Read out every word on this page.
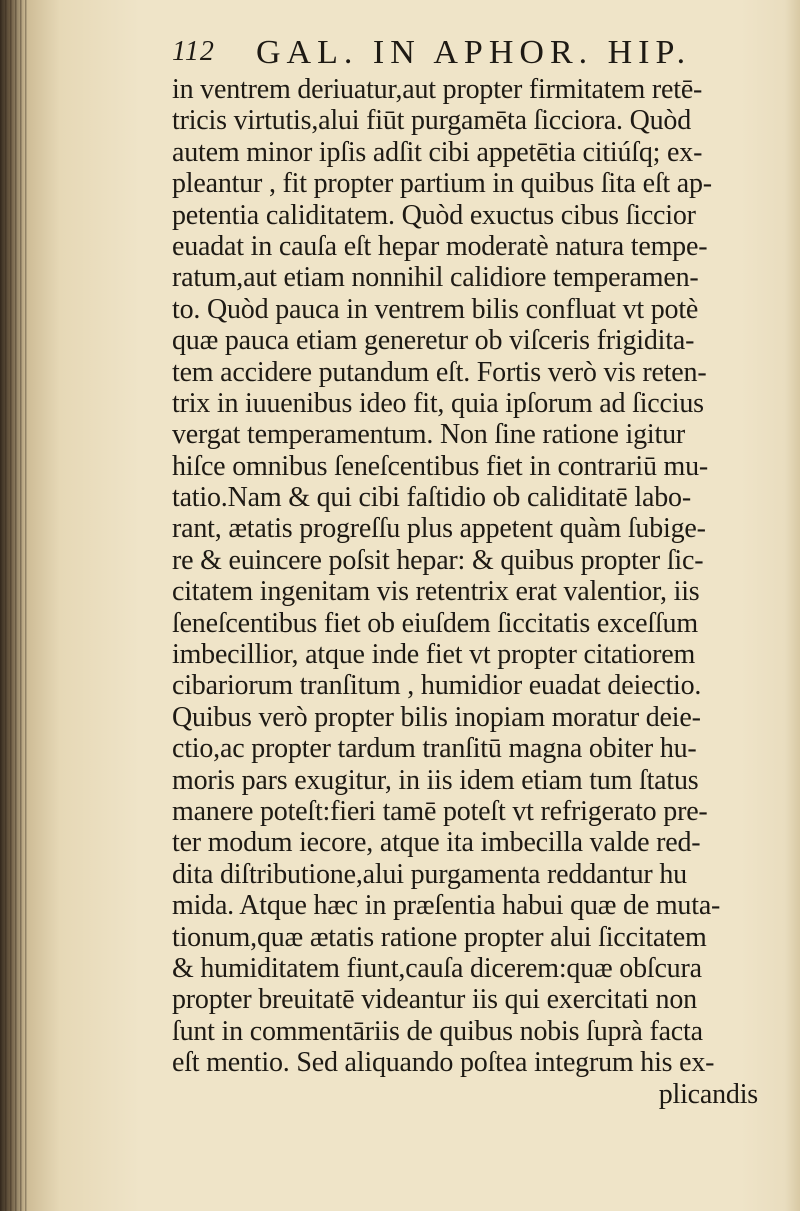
112 GAL. IN APHOR. HIP.
in ventrem deriuatur,aut propter firmitatem retē-
tricis virtutis,alui fiūt purgamēta ſicciora. Quòd
autem minor ipſis adſit cibi appetētia citiúſq; ex-
pleantur , fit propter partium in quibus ſita eſt ap-
petentia caliditatem. Quòd exuctus cibus ſiccior
euadat in cauſa eſt hepar moderatè natura tempe-
ratum,aut etiam nonnihil calidiore temperamen-
to. Quòd pauca in ventrem bilis confluat vt potè
quæ pauca etiam generetur ob viſceris frigidita-
tem accidere putandum eſt. Fortis verò vis reten-
trix in iuuenibus ideo fit, quia ipſorum ad ſiccius
vergat temperamentum. Non ſine ratione igitur
hiſce omnibus ſeneſcentibus fiet in contrariū mu-
tatio.Nam & qui cibi faſtidio ob caliditatē labo-
rant, ætatis progreſſu plus appetent quàm ſubige-
re & euincere poſsit hepar: & quibus propter ſic-
citatem ingenitam vis retentrix erat valentior, iis
ſeneſcentibus fiet ob eiuſdem ſiccitatis exceſſum
imbecillior, atque inde fiet vt propter citatiorem
cibariorum tranſitum , humidior euadat deiectio.
Quibus verò propter bilis inopiam moratur deie-
ctio,ac propter tardum tranſitū magna obiter hu-
moris pars exugitur, in iis idem etiam tum ſtatus
manere poteſt:fieri tamē poteſt vt refrigerato pre-
ter modum iecore, atque ita imbecilla valde red-
dita diſtributione,alui purgamenta reddantur hu
mida. Atque hæc in præſentia habui quæ de muta-
tionum,quæ ætatis ratione propter alui ſiccitatem
& humiditatem fiunt,cauſa dicerem:quæ obſcura
propter breuitatē videantur iis qui exercitati non
ſunt in commentāriis de quibus nobis ſuprà facta
eſt mentio. Sed aliquando poſtea integrum his ex-
plicandis
